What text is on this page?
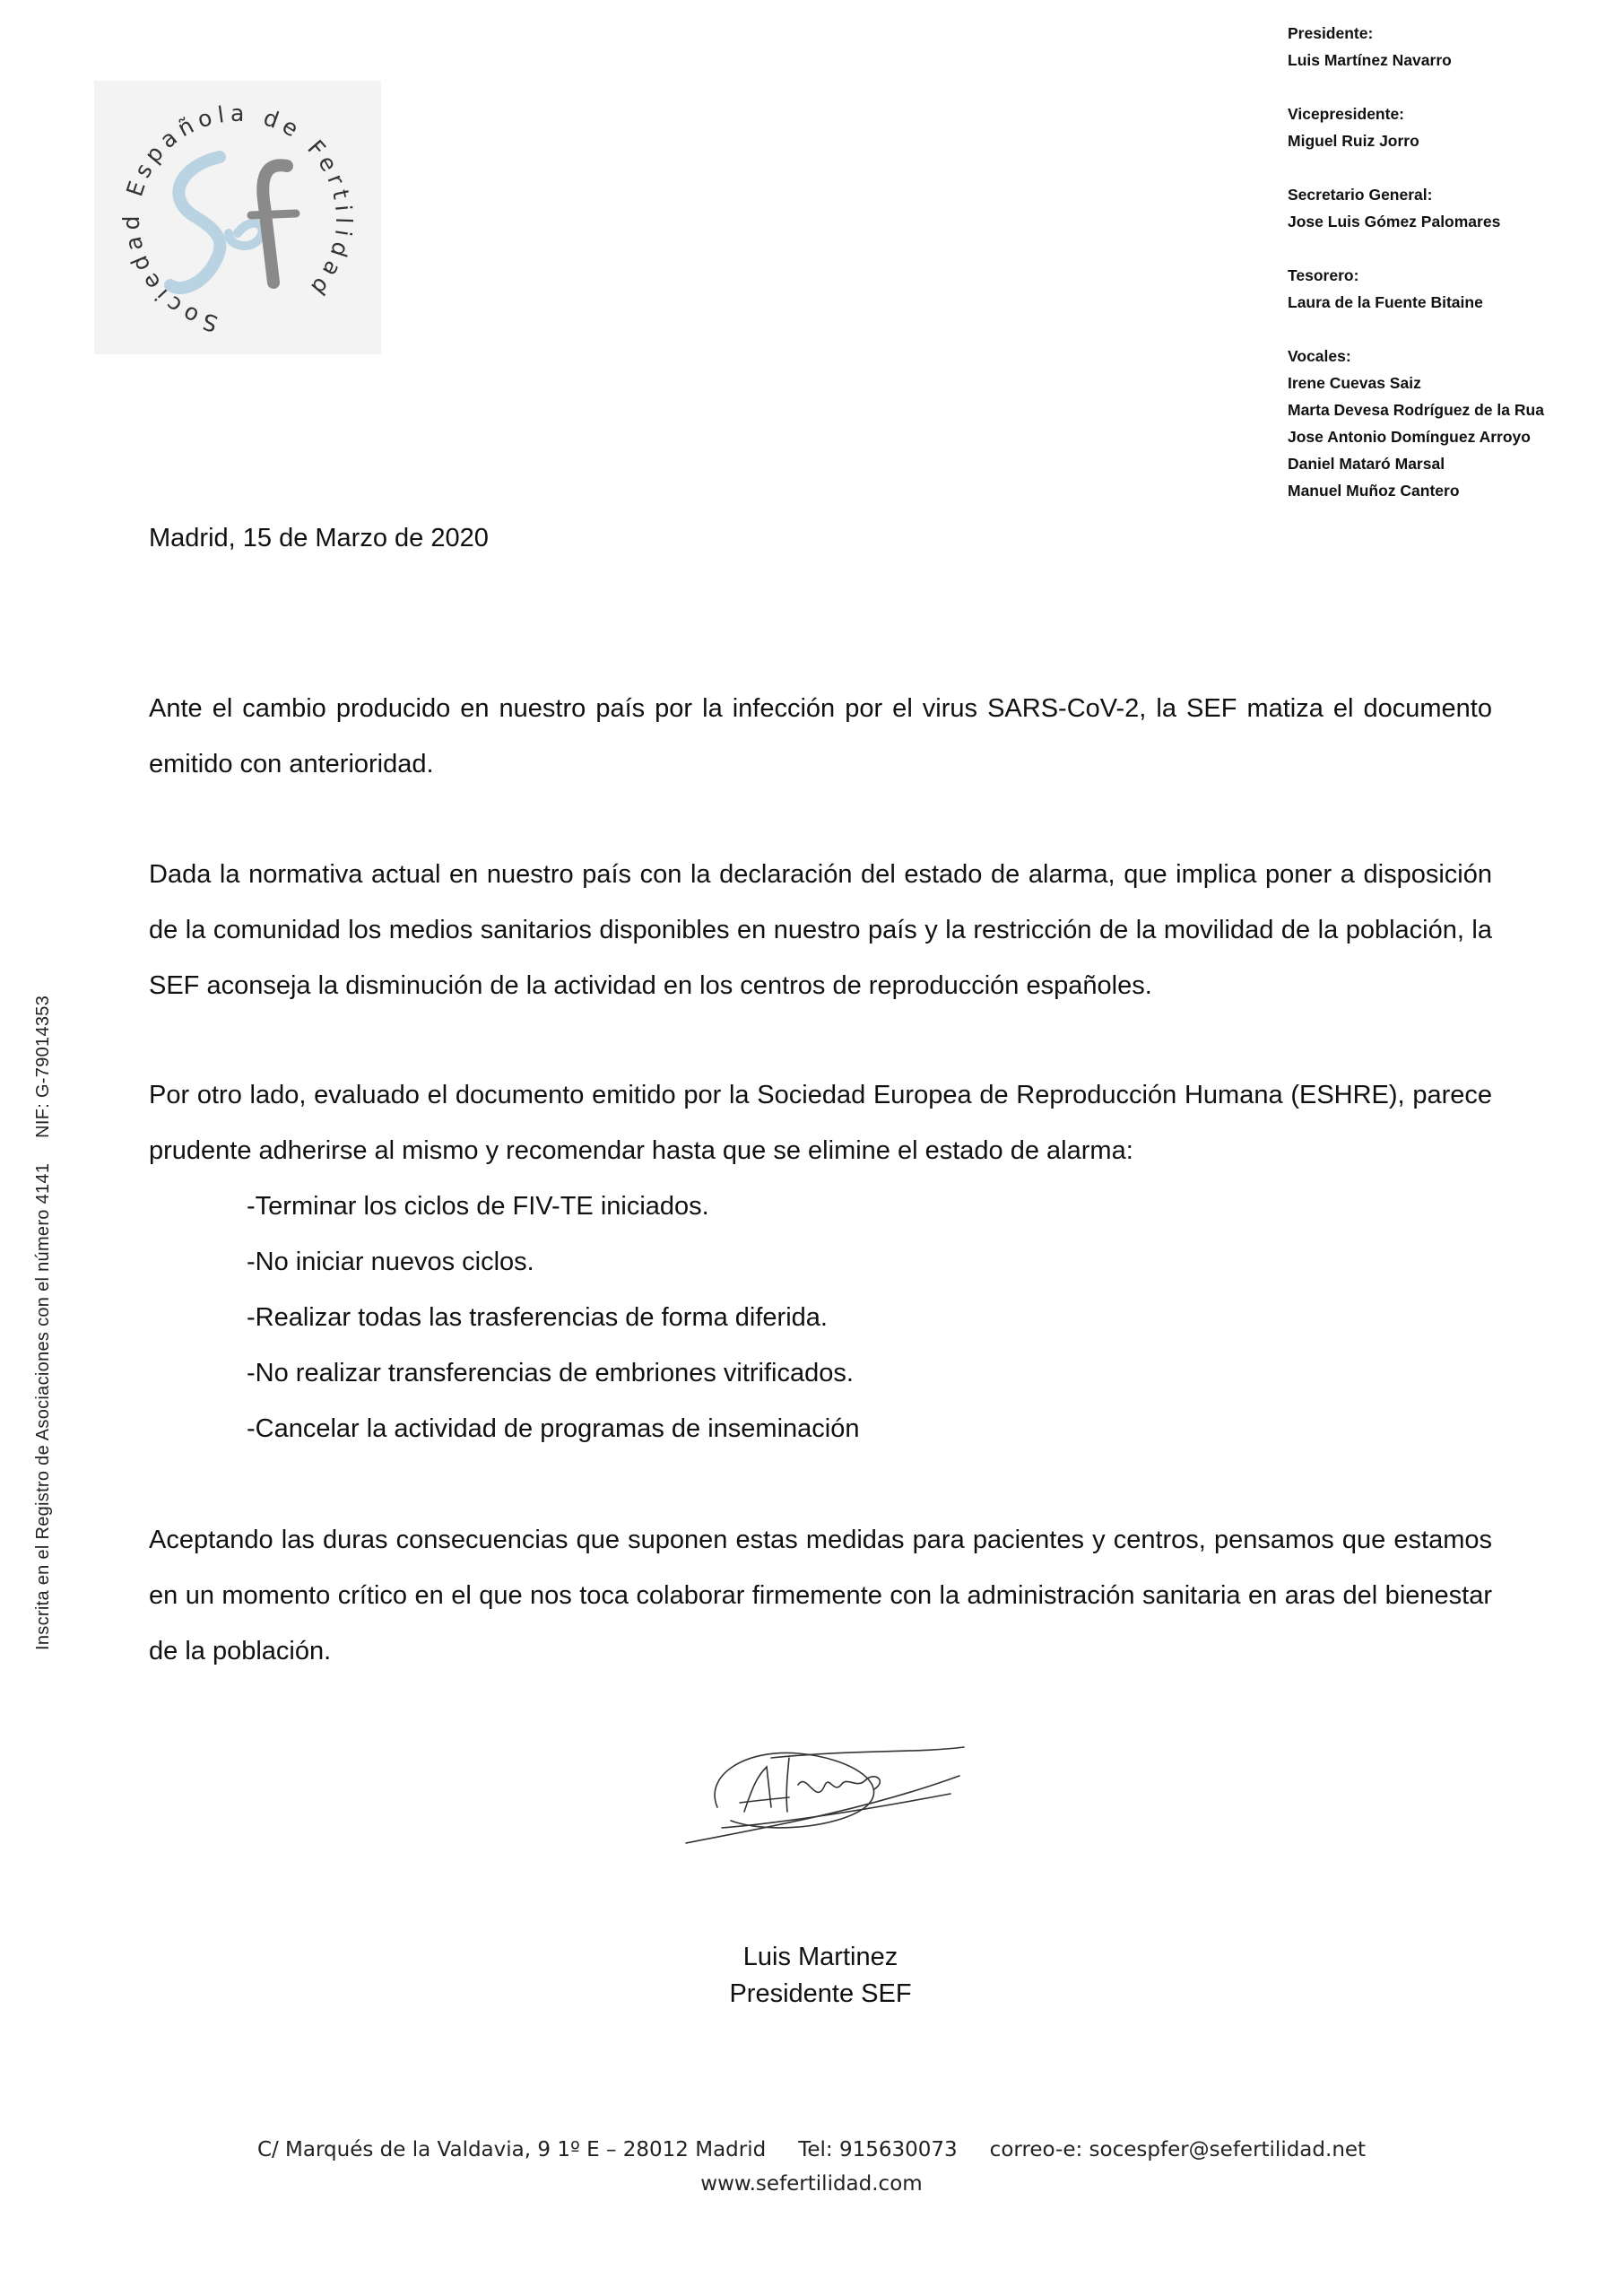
Sociedad Española de Fertilidad
Presidente:
Luis Martínez Navarro
Vicepresidente:
Miguel Ruiz Jorro
Secretario General:
Jose Luis Gómez Palomares
Tesorero:
Laura de la Fuente Bitaine
Vocales:
Irene Cuevas Saiz
Marta Devesa Rodríguez de la Rua
Jose Antonio Domínguez Arroyo
Daniel Mataró Marsal
Manuel Muñoz Cantero
Inscrita en el Registro de Asociaciones con el número 4141 NIF: G-79014353
Madrid, 15 de Marzo de 2020
Ante el cambio producido en nuestro país por la infección por el virus SARS-CoV-2, la SEF matiza el documento emitido con anterioridad.
Dada la normativa actual en nuestro país con la declaración del estado de alarma, que implica poner a disposición de la comunidad los medios sanitarios disponibles en nuestro país y la restricción de la movilidad de la población, la SEF aconseja la disminución de la actividad en los centros de reproducción españoles.
Por otro lado, evaluado el documento emitido por la Sociedad Europea de Reproducción Humana (ESHRE), parece prudente adherirse al mismo y recomendar hasta que se elimine el estado de alarma:
-Terminar los ciclos de FIV-TE iniciados.
-No iniciar nuevos ciclos.
-Realizar todas las trasferencias de forma diferida.
-No realizar transferencias de embriones vitrificados.
-Cancelar la actividad de programas de inseminación
Aceptando las duras consecuencias que suponen estas medidas para pacientes y centros, pensamos que estamos en un momento crítico en el que nos toca colaborar firmemente con la administración sanitaria en aras del bienestar de la población.
Luis Martinez
Presidente SEF
C/ Marqués de la Valdavia, 9 1º E – 28012 Madrid Tel: 915630073 correo-e: socespfer@sefertilidad.net
www.sefertilidad.com
